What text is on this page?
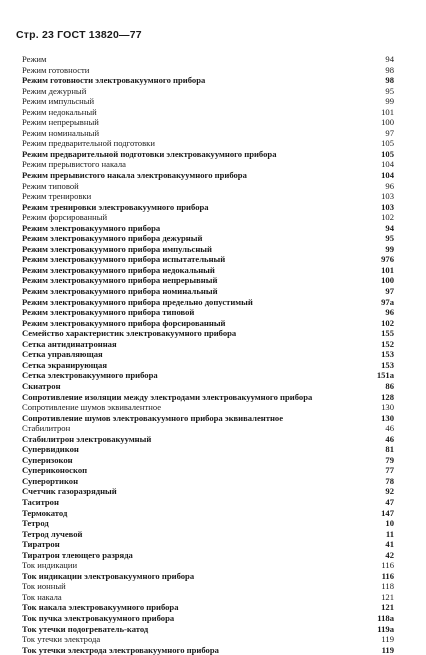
Стр. 23 ГОСТ 13820—77
Режим	94
Режим готовности	98
Режим готовности электровакуумного прибора	98
Режим дежурный	95
Режим импульсный	99
Режим недокальный	101
Режим непрерывный	100
Режим номинальный	97
Режим предварительной подготовки	105
Режим предварительной подготовки электровакуумного прибора	105
Режим прерывистого накала	104
Режим прерывистого накала электровакуумного прибора	104
Режим типовой	96
Режим тренировки	103
Режим тренировки электровакуумного прибора	103
Режим форсированный	102
Режим электровакуумного прибора	94
Режим электровакуумного прибора дежурный	95
Режим электровакуумного прибора импульсный	99
Режим электровакуумного прибора испытательный	976
Режим электровакуумного прибора недокальный	101
Режим электровакуумного прибора непрерывный	100
Режим электровакуумного прибора номинальный	97
Режим электровакуумного прибора предельно допустимый	97а
Режим электровакуумного прибора типовой	96
Режим электровакуумного прибора форсированный	102
Семейство характеристик электровакуумного прибора	155
Сетка антидинатронная	152
Сетка управляющая	153
Сетка экранирующая	153
Сетка электровакуумного прибора	151а
Скиатрон	86
Сопротивление изоляции между электродами электровакуумного прибора	128
Сопротивление шумов эквивалентное	130
Сопротивление шумов электровакуумного прибора эквивалентное	130
Стабилитрон	46
Стабилитрон электровакуумный	46
Супервидикон	81
Суперизокон	79
Супериконоскоп	77
Суперортикон	78
Счетчик газоразрядный	92
Таситрон	47
Термокатод	147
Тетрод	10
Тетрод лучевой	11
Тиратрон	41
Тиратрон тлеющего разряда	42
Ток индикации	116
Ток индикации электровакуумного прибора	116
Ток ионный	118
Ток накала	121
Ток накала электровакуумного прибора	121
Ток пучка электровакуумного прибора	118а
Ток утечки подогреватель-катод	119а
Ток утечки электрода	119
Ток утечки электрода электровакуумного прибора	119
